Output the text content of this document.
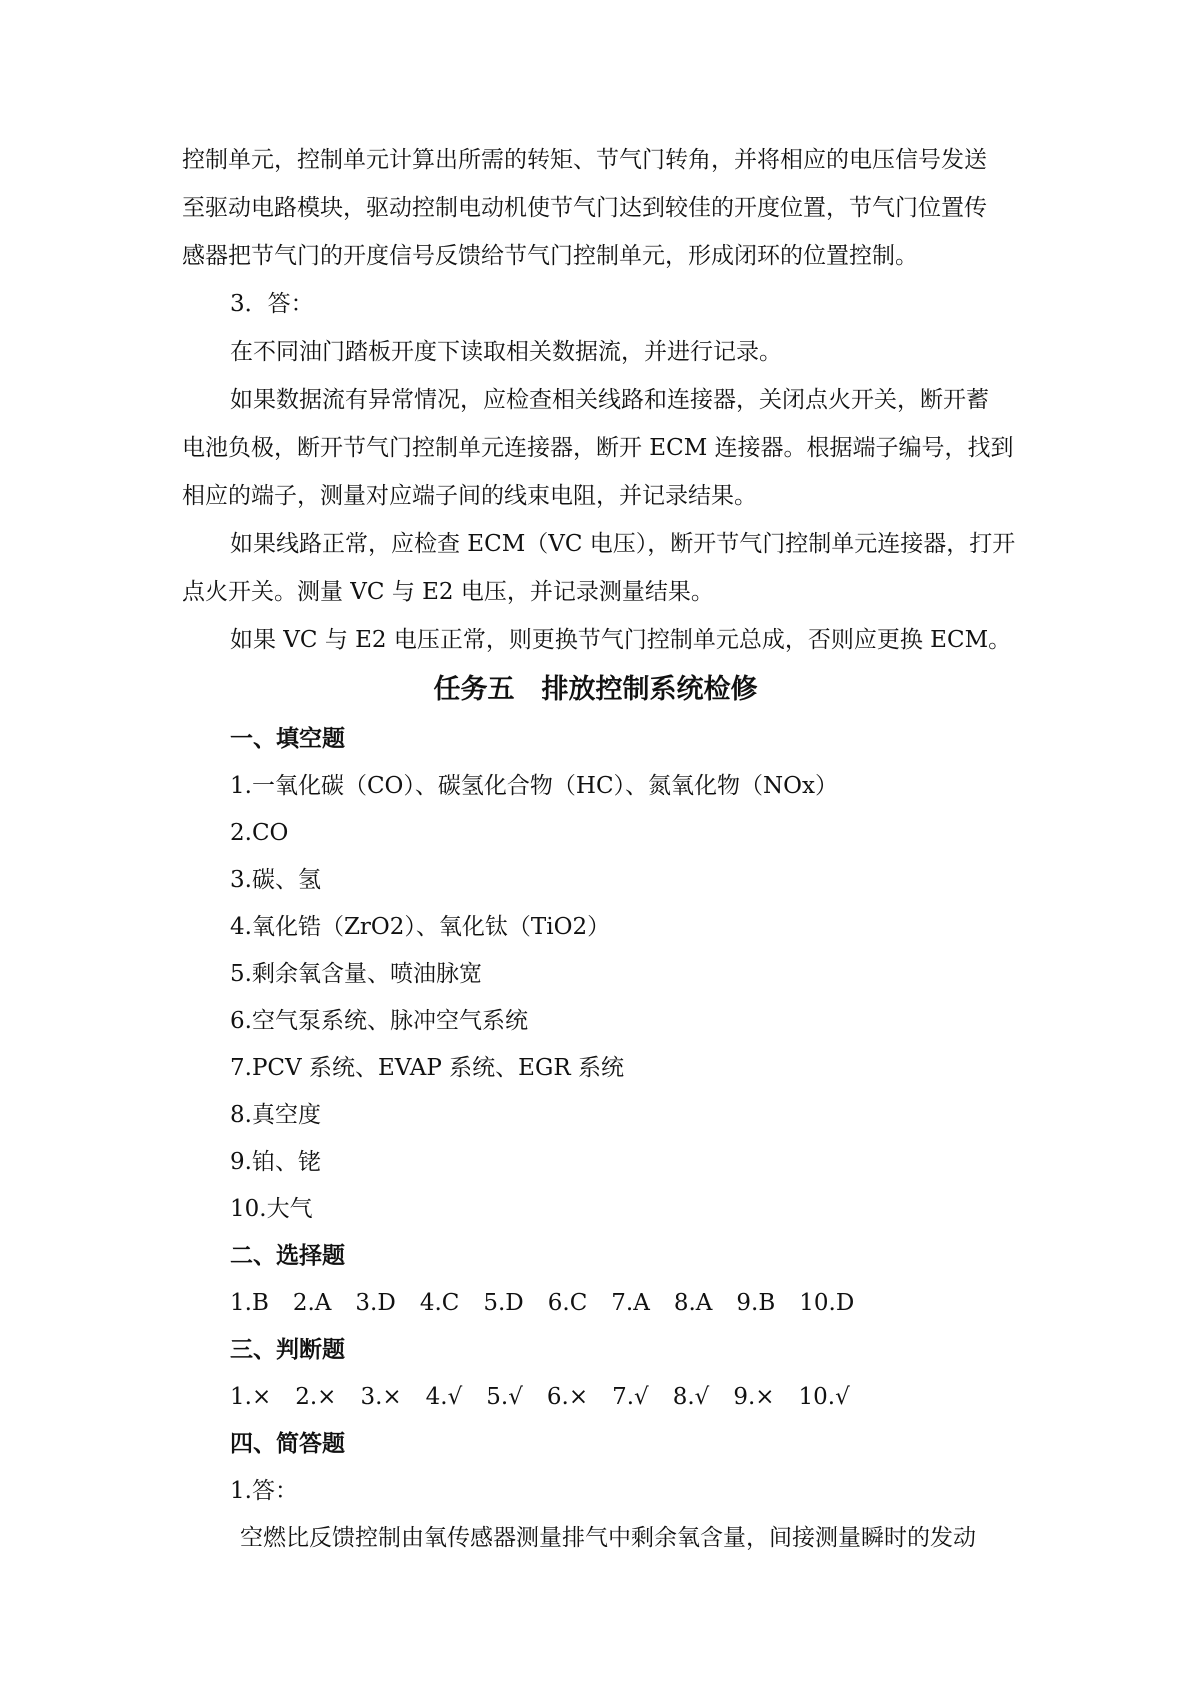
控制单元，控制单元计算出所需的转矩、节气门转角，并将相应的电压信号发送
至驱动电路模块，驱动控制电动机使节气门达到较佳的开度位置，节气门位置传
感器把节气门的开度信号反馈给节气门控制单元，形成闭环的位置控制。
3．答：
在不同油门踏板开度下读取相关数据流，并进行记录。
如果数据流有异常情况，应检查相关线路和连接器，关闭点火开关，断开蓄
电池负极，断开节气门控制单元连接器，断开 ECM 连接器。根据端子编号，找到
相应的端子，测量对应端子间的线束电阻，并记录结果。
如果线路正常，应检查 ECM（VC 电压），断开节气门控制单元连接器，打开
点火开关。测量 VC 与 E2 电压，并记录测量结果。
如果 VC 与 E2 电压正常，则更换节气门控制单元总成，否则应更换 ECM。
任务五　排放控制系统检修
一、填空题
1.一氧化碳（CO）、碳氢化合物（HC）、氮氧化物（NOx）
2.CO
3.碳、氢
4.氧化锆（ZrO2）、氧化钛（TiO2）
5.剩余氧含量、喷油脉宽
6.空气泵系统、脉冲空气系统
7.PCV 系统、EVAP 系统、EGR 系统
8.真空度
9.铂、铑
10.大气
二、选择题
1.B 2.A 3.D 4.C 5.D 6.C 7.A 8.A 9.B 10.D
三、判断题
1.× 2.× 3.× 4.√ 5.√ 6.× 7.√ 8.√ 9.× 10.√
四、简答题
1.答：
空燃比反馈控制由氧传感器测量排气中剩余氧含量，间接测量瞬时的发动
